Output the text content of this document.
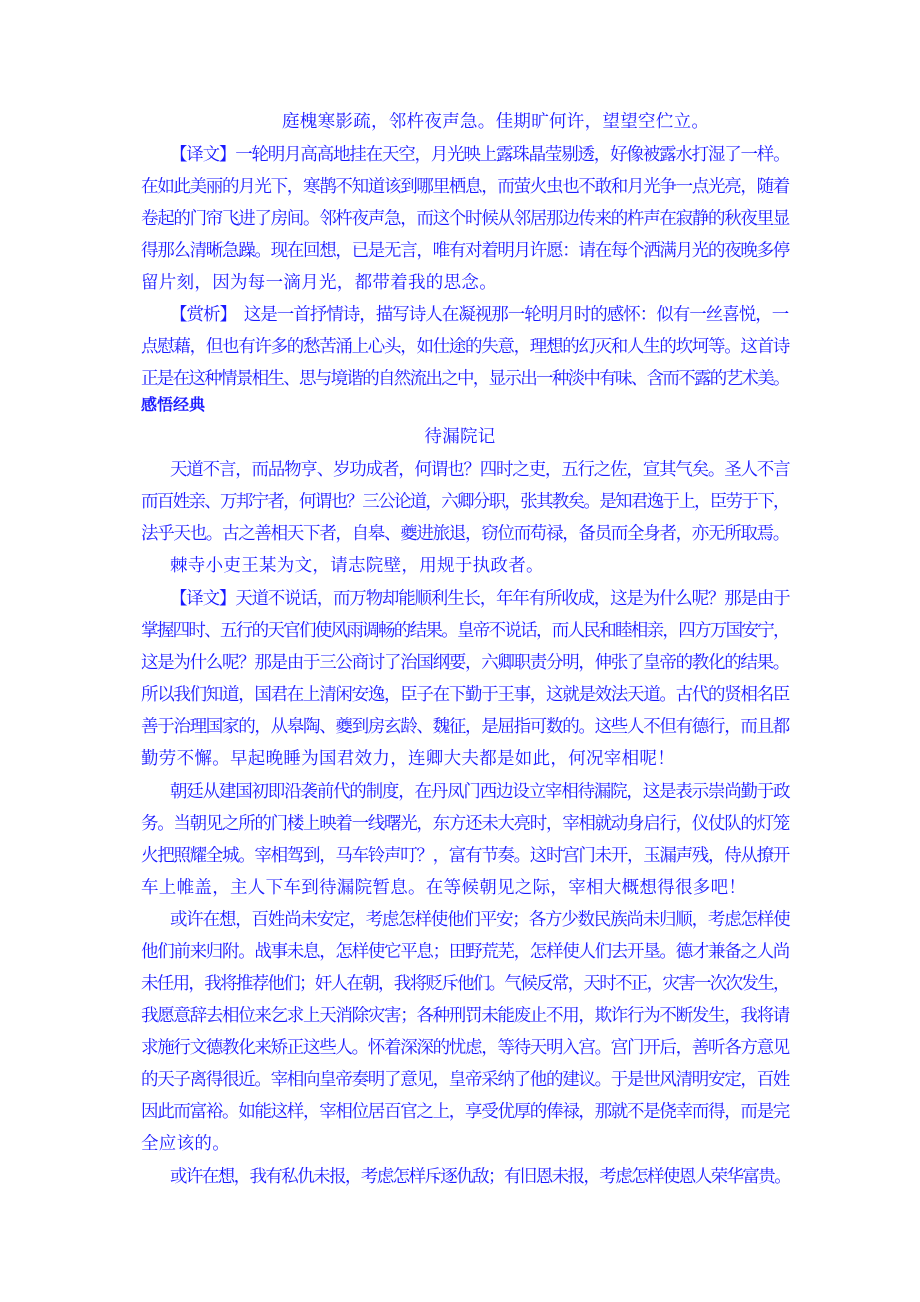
庭槐寒影疏，邻杵夜声急。佳期旷何许，望望空伫立。
【译文】一轮明月高高地挂在天空，月光映上露珠晶莹剔透，好像被露水打湿了一样。
在如此美丽的月光下，寒鹊不知道该到哪里栖息，而萤火虫也不敢和月光争一点光亮，随着
卷起的门帘飞进了房间。邻杵夜声急，而这个时候从邻居那边传来的杵声在寂静的秋夜里显
得那么清晰急躁。现在回想，已是无言，唯有对着明月许愿：请在每个洒满月光的夜晚多停
留片刻，因为每一滴月光，都带着我的思念。
【赏析】　这是一首抒情诗，描写诗人在凝视那一轮明月时的感怀：似有一丝喜悦，一
点慰藉，但也有许多的愁苦涌上心头，如仕途的失意，理想的幻灭和人生的坎坷等。这首诗
正是在这种情景相生、思与境谐的自然流出之中，显示出一种淡中有味、含而不露的艺术美。
感悟经典
待漏院记
天道不言，而品物亨、岁功成者，何谓也？四时之吏，五行之佐，宣其气矣。圣人不言
而百姓亲、万邦宁者，何谓也？三公论道，六卿分职，张其教矣。是知君逸于上，臣劳于下，
法乎天也。古之善相天下者，自皋、夔进旅退，窃位而苟禄，备员而全身者，亦无所取焉。
棘寺小吏王某为文，请志院壁，用规于执政者。
【译文】天道不说话，而万物却能顺利生长，年年有所收成，这是为什么呢？那是由于
掌握四时、五行的天官们使风雨调畅的结果。皇帝不说话，而人民和睦相亲，四方万国安宁，
这是为什么呢？那是由于三公商讨了治国纲要，六卿职责分明，伸张了皇帝的教化的结果。
所以我们知道，国君在上清闲安逸，臣子在下勤于王事，这就是效法天道。古代的贤相名臣
善于治理国家的，从皋陶、夔到房玄龄、魏征，是屈指可数的。这些人不但有德行，而且都
勤劳不懈。早起晚睡为国君效力，连卿大夫都是如此，何况宰相呢！
朝廷从建国初即沿袭前代的制度，在丹凤门西边设立宰相待漏院，这是表示崇尚勤于政
务。当朝见之所的门楼上映着一线曙光，东方还未大亮时，宰相就动身启行，仪仗队的灯笼
火把照耀全城。宰相驾到，马车铃声叮？，富有节奏。这时宫门未开，玉漏声残，侍从撩开
车上帷盖，主人下车到待漏院暂息。在等候朝见之际，宰相大概想得很多吧！
或许在想，百姓尚未安定，考虑怎样使他们平安；各方少数民族尚未归顺，考虑怎样使
他们前来归附。战事未息，怎样使它平息；田野荒芜，怎样使人们去开垦。德才兼备之人尚
未任用，我将推荐他们；奸人在朝，我将贬斥他们。气候反常，天时不正，灾害一次次发生，
我愿意辞去相位来乞求上天消除灾害；各种刑罚未能废止不用，欺诈行为不断发生，我将请
求施行文德教化来矫正这些人。怀着深深的忧虑，等待天明入宫。宫门开后，善听各方意见
的天子离得很近。宰相向皇帝奏明了意见，皇帝采纳了他的建议。于是世风清明安定，百姓
因此而富裕。如能这样，宰相位居百官之上，享受优厚的俸禄，那就不是侥幸而得，而是完
全应该的。
或许在想，我有私仇未报，考虑怎样斥逐仇敌；有旧恩未报，考虑怎样使恩人荣华富贵。
